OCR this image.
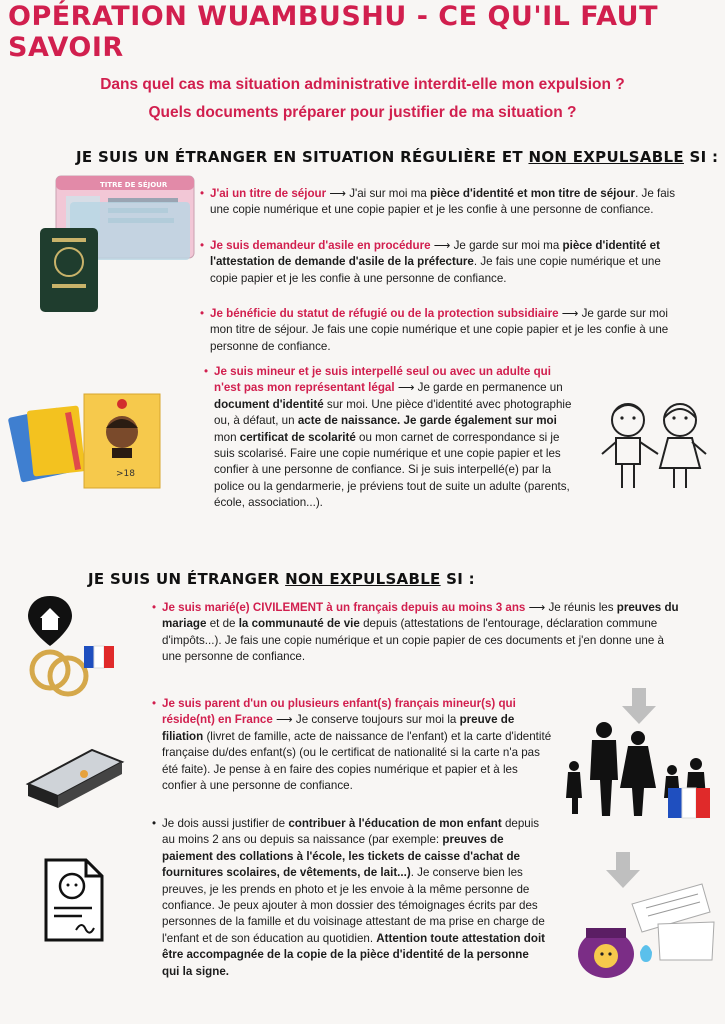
OPÉRATION WUAMBUSHU - CE QU'IL FAUT SAVOIR
Dans quel cas ma situation administrative interdit-elle mon expulsion ?
Quels documents préparer pour justifier de ma situation ?
JE SUIS UN ÉTRANGER EN SITUATION RÉGULIÈRE ET NON EXPULSABLE SI :
TITRE DE SÉJOUR
• J'ai un titre de séjour ⟶ J'ai sur moi ma pièce d'identité et mon titre de séjour. Je fais une copie numérique et une copie papier et je les confie à une personne de confiance.
• Je suis demandeur d'asile en procédure ⟶ Je garde sur moi ma pièce d'identité et l'attestation de demande d'asile de la préfecture. Je fais une copie numérique et une copie papier et je les confie à une personne de confiance.
• Je bénéficie du statut de réfugié ou de la protection subsidiaire ⟶ Je garde sur moi mon titre de séjour. Je fais une copie numérique et une copie papier et je les confie à une personne de confiance.
>18
• Je suis mineur et je suis interpellé seul ou avec un adulte qui n'est pas mon représentant légal ⟶ Je garde en permanence un document d'identité sur moi. Une pièce d'identité avec photographie ou, à défaut, un acte de naissance. Je garde également sur moi mon certificat de scolarité ou mon carnet de correspondance si je suis scolarisé. Faire une copie numérique et une copie papier et les confier à une personne de confiance. Si je suis interpellé(e) par la police ou la gendarmerie, je préviens tout de suite un adulte (parents, école, association...).
JE SUIS UN ÉTRANGER NON EXPULSABLE SI :
• Je suis marié(e) CIVILEMENT à un français depuis au moins 3 ans ⟶ Je réunis les preuves du mariage et de la communauté de vie depuis (attestations de l'entourage, déclaration commune d'impôts...). Je fais une copie numérique et un copie papier de ces documents et j'en donne une à une personne de confiance.
• Je suis parent d'un ou plusieurs enfant(s) français mineur(s) qui réside(nt) en France ⟶ Je conserve toujours sur moi la preuve de filiation (livret de famille, acte de naissance de l'enfant) et la carte d'identité française du/des enfant(s) (ou le certificat de nationalité si la carte n'a pas été faite). Je pense à en faire des copies numérique et papier et à les confier à une personne de confiance.
• Je dois aussi justifier de contribuer à l'éducation de mon enfant depuis au moins 2 ans ou depuis sa naissance (par exemple: preuves de paiement des collations à l'école, les tickets de caisse d'achat de fournitures scolaires, de vêtements, de lait...). Je conserve bien les preuves, je les prends en photo et je les envoie à la même personne de confiance. Je peux ajouter à mon dossier des témoignages écrits par des personnes de la famille et du voisinage attestant de ma prise en charge de l'enfant et de son éducation au quotidien. Attention toute attestation doit être accompagnée de la copie de la pièce d'identité de la personne qui la signe.
